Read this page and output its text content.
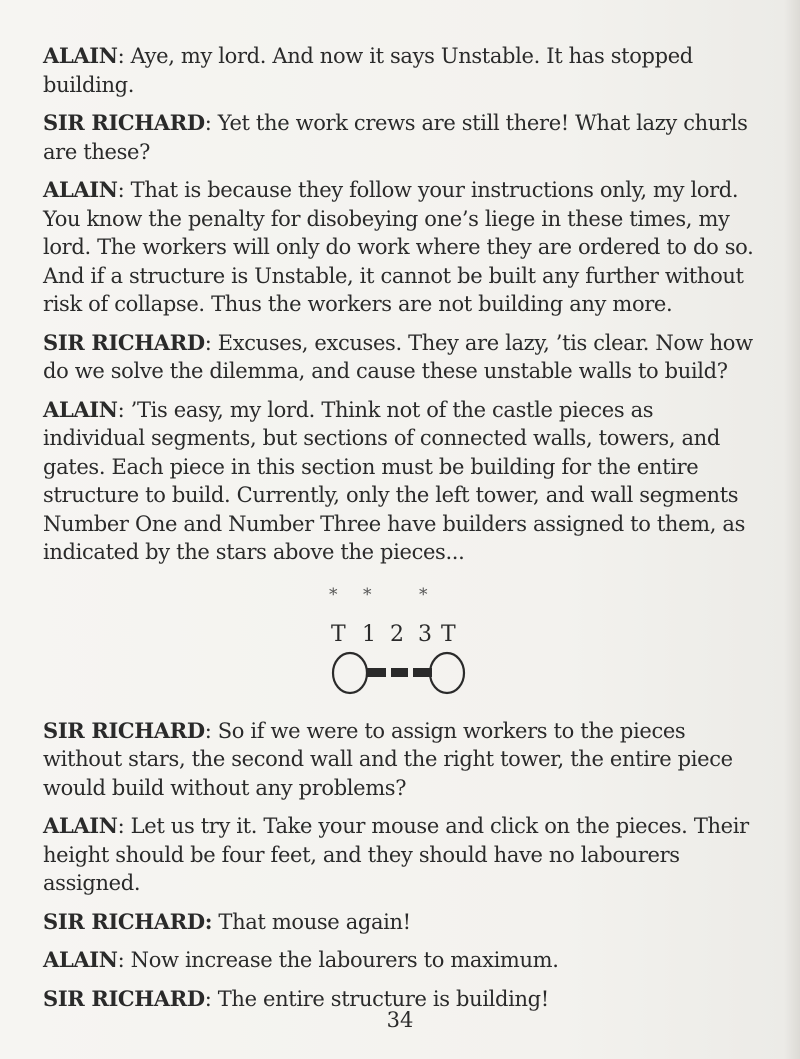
ALAIN: Aye, my lord. And now it says Unstable. It has stopped building.

SIR RICHARD: Yet the work crews are still there! What lazy churls are these?

ALAIN: That is because they follow your instructions only, my lord. You know the penalty for disobeying one’s liege in these times, my lord. The workers will only do work where they are ordered to do so. And if a structure is Unstable, it cannot be built any further without risk of collapse. Thus the workers are not building any more.

SIR RICHARD: Excuses, excuses. They are lazy, ’tis clear. Now how do we solve the dilemma, and cause these unstable walls to build?

ALAIN: ’Tis easy, my lord. Think not of the castle pieces as individual segments, but sections of connected walls, towers, and gates. Each piece in this section must be building for the entire structure to build. Currently, only the left tower, and wall segments Number One and Number Three have builders assigned to them, as indicated by the stars above the pieces...

* *	*
T 1 2 3 T

SIR RICHARD: So if we were to assign workers to the pieces without stars, the second wall and the right tower, the entire piece would build without any problems?

ALAIN: Let us try it. Take your mouse and click on the pieces. Their height should be four feet, and they should have no labourers assigned.

SIR RICHARD: That mouse again!

ALAIN: Now increase the labourers to maximum.

SIR RICHARD: The entire structure is building!

34
